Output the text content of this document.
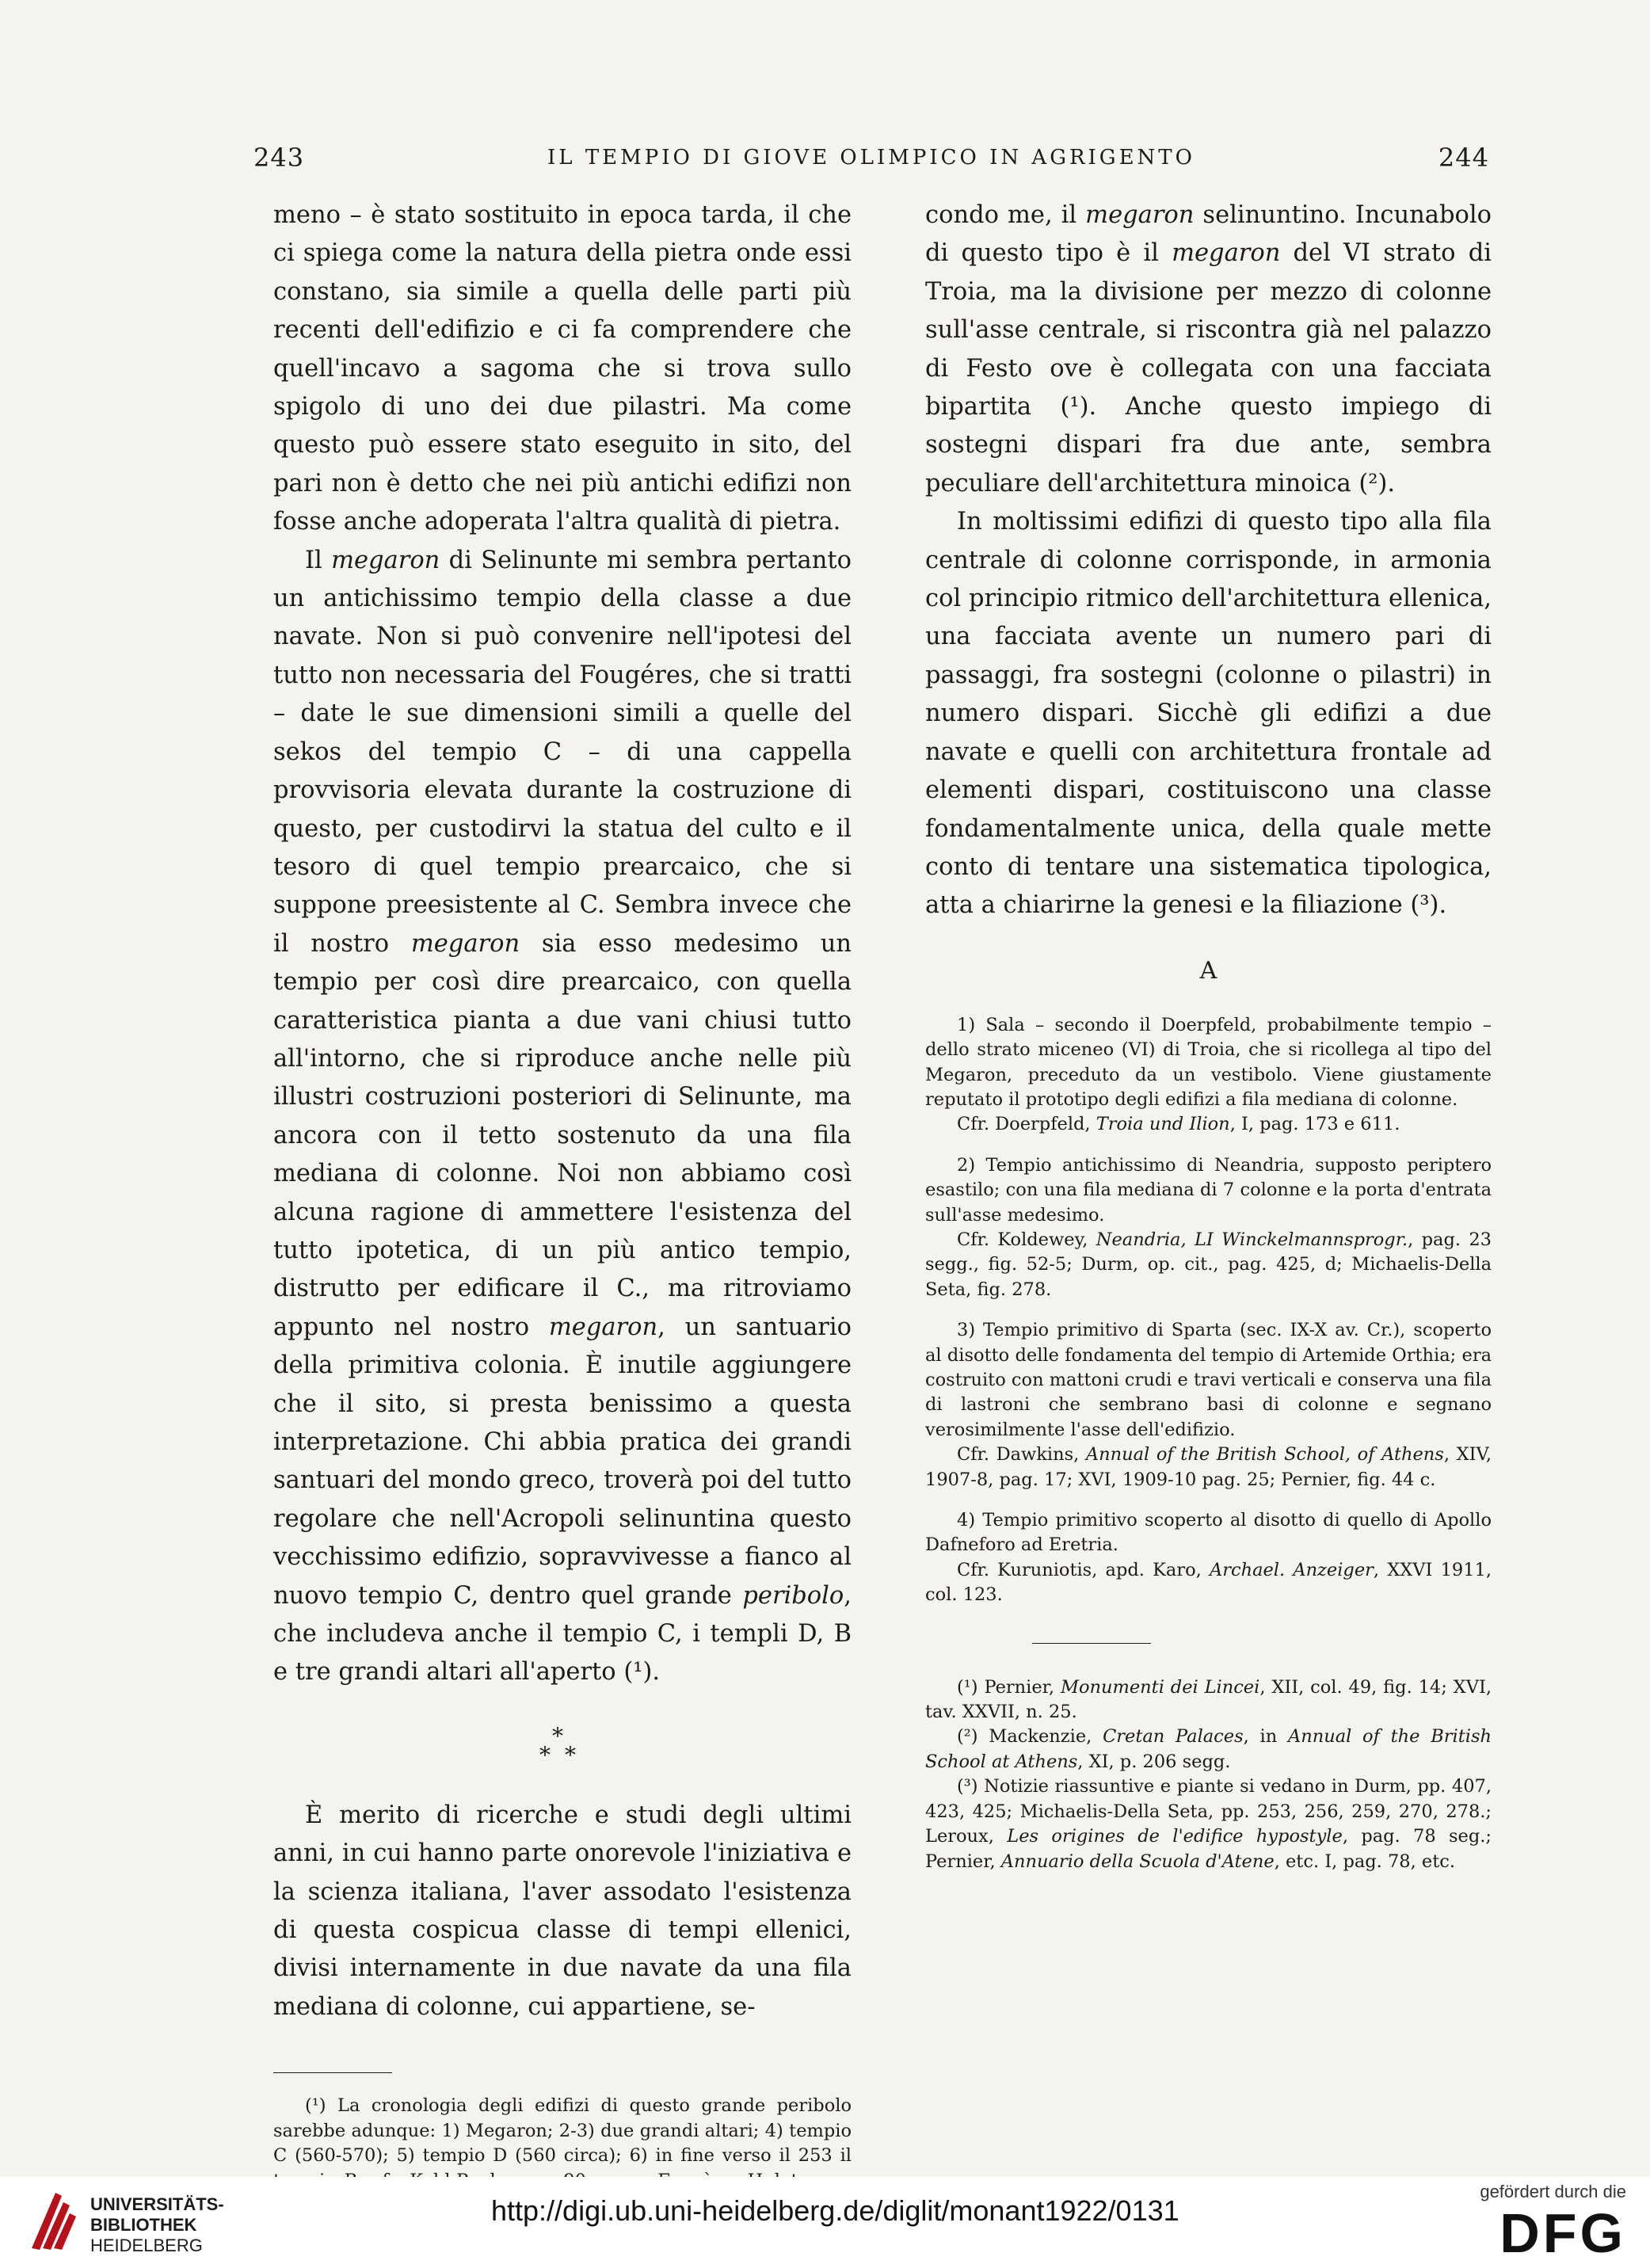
243	IL TEMPIO DI GIOVE OLIMPICO IN AGRIGENTO	244

meno – è stato sostituito in epoca tarda, il che ci spiega come la natura della pietra onde essi constano, sia simile a quella delle parti più recenti dell'edifizio e ci fa comprendere che quell'incavo a sagoma che si trova sullo spigolo di uno dei due pilastri. Ma come questo può essere stato eseguito in sito, del pari non è detto che nei più antichi edifizi non fosse anche adoperata l'altra qualità di pietra.

Il megaron di Selinunte mi sembra pertanto un antichissimo tempio della classe a due navate. Non si può convenire nell'ipotesi del tutto non necessaria del Fougéres, che si tratti – date le sue dimensioni simili a quelle del sekos del tempio C – di una cappella provvisoria elevata durante la costruzione di questo, per custodirvi la statua del culto e il tesoro di quel tempio prearcaico, che si suppone preesistente al C. Sembra invece che il nostro megaron sia esso medesimo un tempio per così dire prearcaico, con quella caratteristica pianta a due vani chiusi tutto all'intorno, che si riproduce anche nelle più illustri costruzioni posteriori di Selinunte, ma ancora con il tetto sostenuto da una fila mediana di colonne. Noi non abbiamo così alcuna ragione di ammettere l'esistenza del tutto ipotetica, di un più antico tempio, distrutto per edificare il C., ma ritroviamo appunto nel nostro megaron, un santuario della primitiva colonia. È inutile aggiungere che il sito, si presta benissimo a questa interpretazione. Chi abbia pratica dei grandi santuari del mondo greco, troverà poi del tutto regolare che nell'Acropoli selinuntina questo vecchissimo edifizio, sopravvivesse a fianco al nuovo tempio C, dentro quel grande peribolo, che includeva anche il tempio C, i templi D, B e tre grandi altari all'aperto (¹).

*
* *

È merito di ricerche e studi degli ultimi anni, in cui hanno parte onorevole l'iniziativa e la scienza italiana, l'aver assodato l'esistenza di questa cospicua classe di tempi ellenici, divisi internamente in due navate da una fila mediana di colonne, cui appartiene, se-

(¹) La cronologia degli edifizi di questo grande peribolo sarebbe adunque: 1) Megaron; 2-3) due grandi altari; 4) tempio C (560-570); 5) tempio D (560 circa); 6) in fine verso il 253 il

condo me, il megaron selinuntino. Incunabolo di questo tipo è il megaron del VI strato di Troia, ma la divisione per mezzo di colonne sull'asse centrale, si riscontra già nel palazzo di Festo ove è collegata con una facciata bipartita (¹). Anche questo impiego di sostegni dispari fra due ante, sembra peculiare dell'architettura minoica (²).

In moltissimi edifizi di questo tipo alla fila centrale di colonne corrisponde, in armonia col principio ritmico dell'architettura ellenica, una facciata avente un numero pari di passaggi, fra sostegni (colonne o pilastri) in numero dispari. Sicchè gli edifizi a due navate e quelli con architettura frontale ad elementi dispari, costituiscono una classe fondamentalmente unica, della quale mette conto di tentare una sistematica tipologica, atta a chiarirne la genesi e la filiazione (³).

A

1) Sala – secondo il Doerpfeld, probabilmente tempio – dello strato miceneo (VI) di Troia, che si ricollega al tipo del Megaron, preceduto da un vestibolo. Viene giustamente reputato il prototipo degli edifizi a fila mediana di colonne.

Cfr. Doerpfeld, Troia und Ilion, I, pag. 173 e 611.

2) Tempio antichissimo di Neandria, supposto periptero esastilo; con una fila mediana di 7 colonne e la porta d'entrata sull'asse medesimo.

Cfr. Koldewey, Neandria, LI Winckelmannsprogr., pag. 23 segg., fig. 52-5; Durm, op. cit., pag. 425, d; Michaelis-Della Seta, fig. 278.

3) Tempio primitivo di Sparta (sec. IX-X av. Cr.), scoperto al disotto delle fondamenta del tempio di Artemide Orthia; era costruito con mattoni crudi e travi verticali e conserva una fila di lastroni che sembrano basi di colonne e segnano verosimilmente l'asse dell'edifizio.

Cfr. Dawkins, Annual of the British School, of Athens, XIV, 1907-8, pag. 17; XVI, 1909-10 pag. 25; Pernier, fig. 44 c.

4) Tempio primitivo scoperto al disotto di quello di Apollo Dafneforo ad Eretria.

Cfr. Kuruniotis, apd. Karo, Archael. Anzeiger, XXVI 1911, col. 123.

(¹) Pernier, Monumenti dei Lincei, XII, col. 49, fig. 14; XVI, tav. XXVII, n. 25.

(²) Mackenzie, Cretan Palaces, in Annual of the British School at Athens, XI, p. 206 segg.

(³) Notizie riassuntive e piante si vedano in Durm, pp. 407, 423, 425; Michaelis-Della Seta, pp. 253, 256, 259, 270, 278.; Leroux, Les origines de l'edifice hypostyle, pag. 78 seg.; Pernier, Annuario della Scuola d'Atene, etc. I, pag. 78, etc.

UNIVERSITÄTS-
BIBLIOTHEK
HEIDELBERG
http://digi.ub.uni-heidelberg.de/diglit/monant1922/0131
gefördert durch die
DFG
